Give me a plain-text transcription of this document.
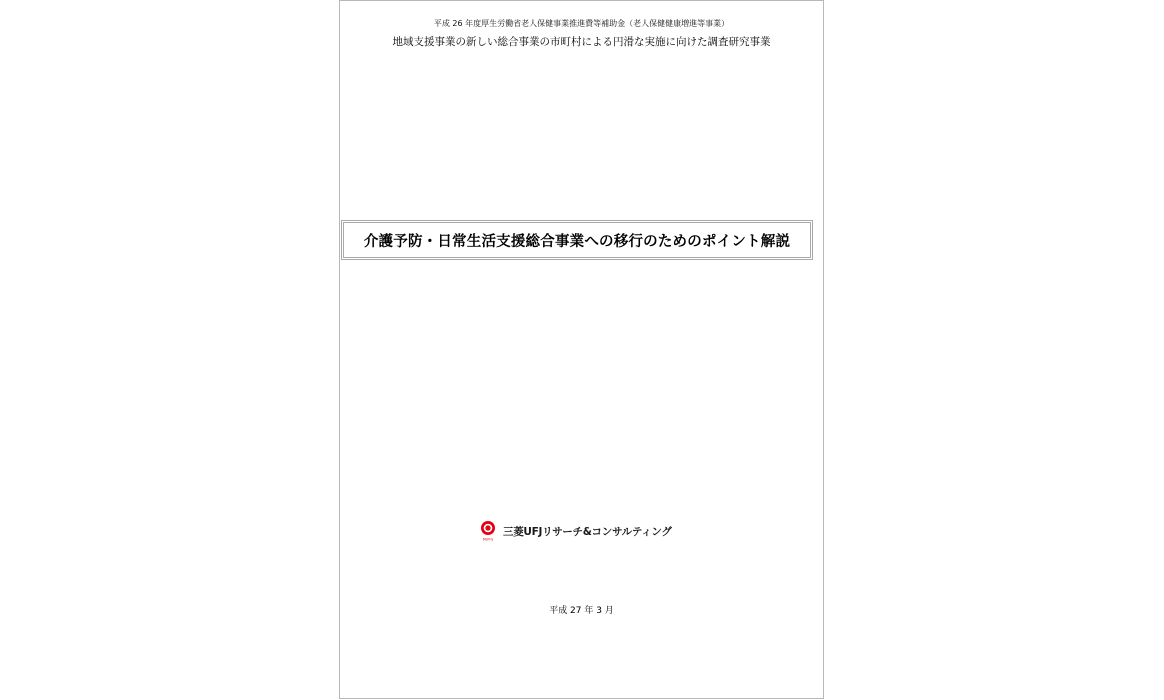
平成 26 年度厚生労働省老人保健事業推進費等補助金（老人保健健康増進等事業）
地域支援事業の新しい総合事業の市町村による円滑な実施に向けた調査研究事業
介護予防・日常生活支援総合事業への移行のためのポイント解説
MUFG
三菱UFJリサーチ&コンサルティング
平成 27 年 3 月
